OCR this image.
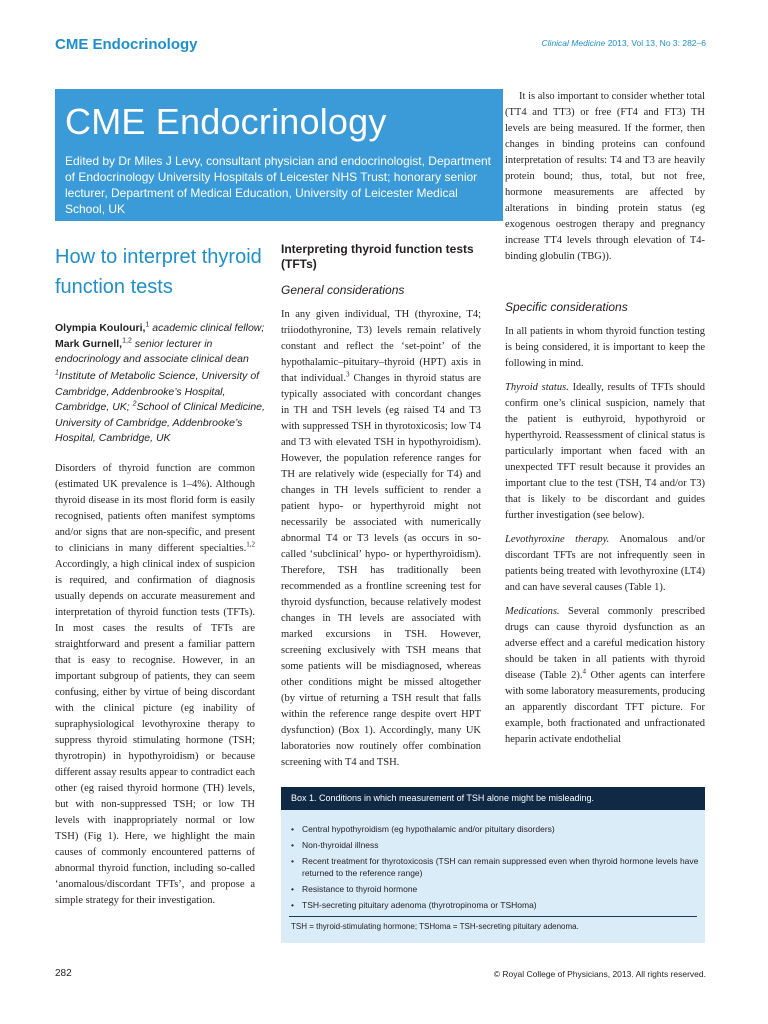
CME Endocrinology	Clinical Medicine 2013, Vol 13, No 3: 282–6
CME Endocrinology

Edited by Dr Miles J Levy, consultant physician and endocrinologist, Department of Endocrinology University Hospitals of Leicester NHS Trust; honorary senior lecturer, Department of Medical Education, University of Leicester Medical School, UK

How to interpret thyroid function tests
Olympia Koulouri,$^1$ academic clinical fellow; Mark Gurnell,$^{1,2}$ senior lecturer in endocrinology and associate clinical dean
$^1$Institute of Metabolic Science, University of Cambridge, Addenbrooke’s Hospital, Cambridge, UK; $^2$School of Clinical Medicine, University of Cambridge, Addenbrooke’s Hospital, Cambridge, UK

Disorders of thyroid function are common (estimated UK prevalence is 1–4%). Although thyroid disease in its most florid form is easily recognised, patients often manifest symptoms and/or signs that are non-specific, and present to clinicians in many different specialties.$^{1,2}$ Accordingly, a high clinical index of suspicion is required, and confirmation of diagnosis usually depends on accurate measurement and interpretation of thyroid function tests (TFTs). In most cases the results of TFTs are straightforward and present a familiar pattern that is easy to recognise. However, in an important subgroup of patients, they can seem confusing, either by virtue of being discordant with the clinical picture (eg inability of supraphysiological levothyroxine therapy to suppress thyroid stimulating hormone (TSH; thyrotropin) in hypothyroidism) or because different assay results appear to contradict each other (eg raised thyroid hormone (TH) levels, but with non-suppressed TSH; or low TH levels with inappropriately normal or low TSH) (Fig 1). Here, we highlight the main causes of commonly encountered patterns of abnormal thyroid function, including so-called ‘anomalous/discordant TFTs’, and propose a simple strategy for their investigation.

Interpreting thyroid function tests (TFTs)
General considerations

In any given individual, TH (thyroxine, T4; triiodothyronine, T3) levels remain relatively constant and reflect the ‘set-point’ of the hypothalamic–pituitary–thyroid (HPT) axis in that individual.$^3$ Changes in thyroid status are typically associated with concordant changes in TH and TSH levels (eg raised T4 and T3 with suppressed TSH in thyrotoxicosis; low T4 and T3 with elevated TSH in hypothyroidism). However, the population reference ranges for TH are relatively wide (especially for T4) and changes in TH levels sufficient to render a patient hypo- or hyperthyroid might not necessarily be associated with numerically abnormal T4 or T3 levels (as occurs in so-called ‘subclinical’ hypo- or hyperthyroidism). Therefore, TSH has traditionally been recommended as a frontline screening test for thyroid dysfunction, because relatively modest changes in TH levels are associated with marked excursions in TSH. However, screening exclusively with TSH means that some patients will be misdiagnosed, whereas other conditions might be missed altogether (by virtue of returning a TSH result that falls within the reference range despite overt HPT dysfunction) (Box 1). Accordingly, many UK laboratories now routinely offer combination screening with T4 and TSH.

It is also important to consider whether total (TT4 and TT3) or free (FT4 and FT3) TH levels are being measured. If the former, then changes in binding proteins can confound interpretation of results: T4 and T3 are heavily protein bound; thus, total, but not free, hormone measurements are affected by alterations in binding protein status (eg exogenous oestrogen therapy and pregnancy increase TT4 levels through elevation of T4-binding globulin (TBG)).

Specific considerations

In all patients in whom thyroid function testing is being considered, it is important to keep the following in mind.

Thyroid status. Ideally, results of TFTs should confirm one’s clinical suspicion, namely that the patient is euthyroid, hypothyroid or hyperthyroid. Reassessment of clinical status is particularly important when faced with an unexpected TFT result because it provides an important clue to the test (TSH, T4 and/or T3) that is likely to be discordant and guides further investigation (see below).

Levothyroxine therapy. Anomalous and/or discordant TFTs are not infrequently seen in patients being treated with levothyroxine (LT4) and can have several causes (Table 1).

Medications. Several commonly prescribed drugs can cause thyroid dysfunction as an adverse effect and a careful medication history should be taken in all patients with thyroid disease (Table 2).$^4$ Other agents can interfere with some laboratory measurements, producing an apparently discordant TFT picture. For example, both fractionated and unfractionated heparin activate endothelial

Box 1. Conditions in which measurement of TSH alone might be misleading.
• Central hypothyroidism (eg hypothalamic and/or pituitary disorders)
• Non-thyroidal illness
• Recent treatment for thyrotoxicosis (TSH can remain suppressed even when thyroid hormone levels have returned to the reference range)
• Resistance to thyroid hormone
• TSH-secreting pituitary adenoma (thyrotropinoma or TSHoma)
TSH = thyroid-stimulating hormone; TSHoma = TSH-secreting pituitary adenoma.
282	© Royal College of Physicians, 2013. All rights reserved.
